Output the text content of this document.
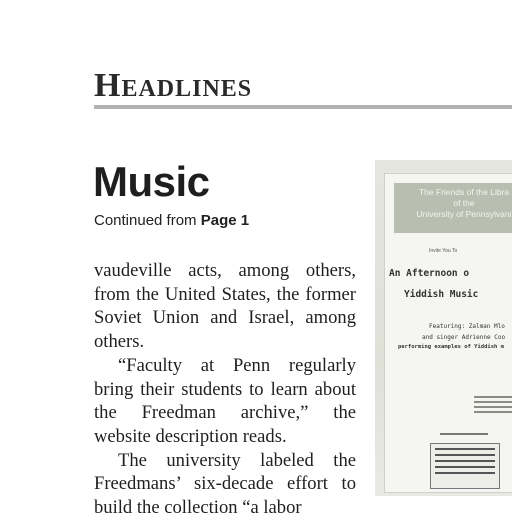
Headlines
Music
Continued from Page 1

vaudeville acts, among others, from the United States, the former Soviet Union and Israel, among others.

“Faculty at Penn regularly bring their students to learn about the Freedman archive,” the website description reads.

The university labeled the Freedmans’ six-decade effort to build the collection “a labor

The Friends of the Libra
of the
University of Pennsylvani
Invite You To
An Afternoon o
Yiddish Music
Featuring: Zalman Mlo
and singer Adrienne Coo
performing examples of Yiddish m
